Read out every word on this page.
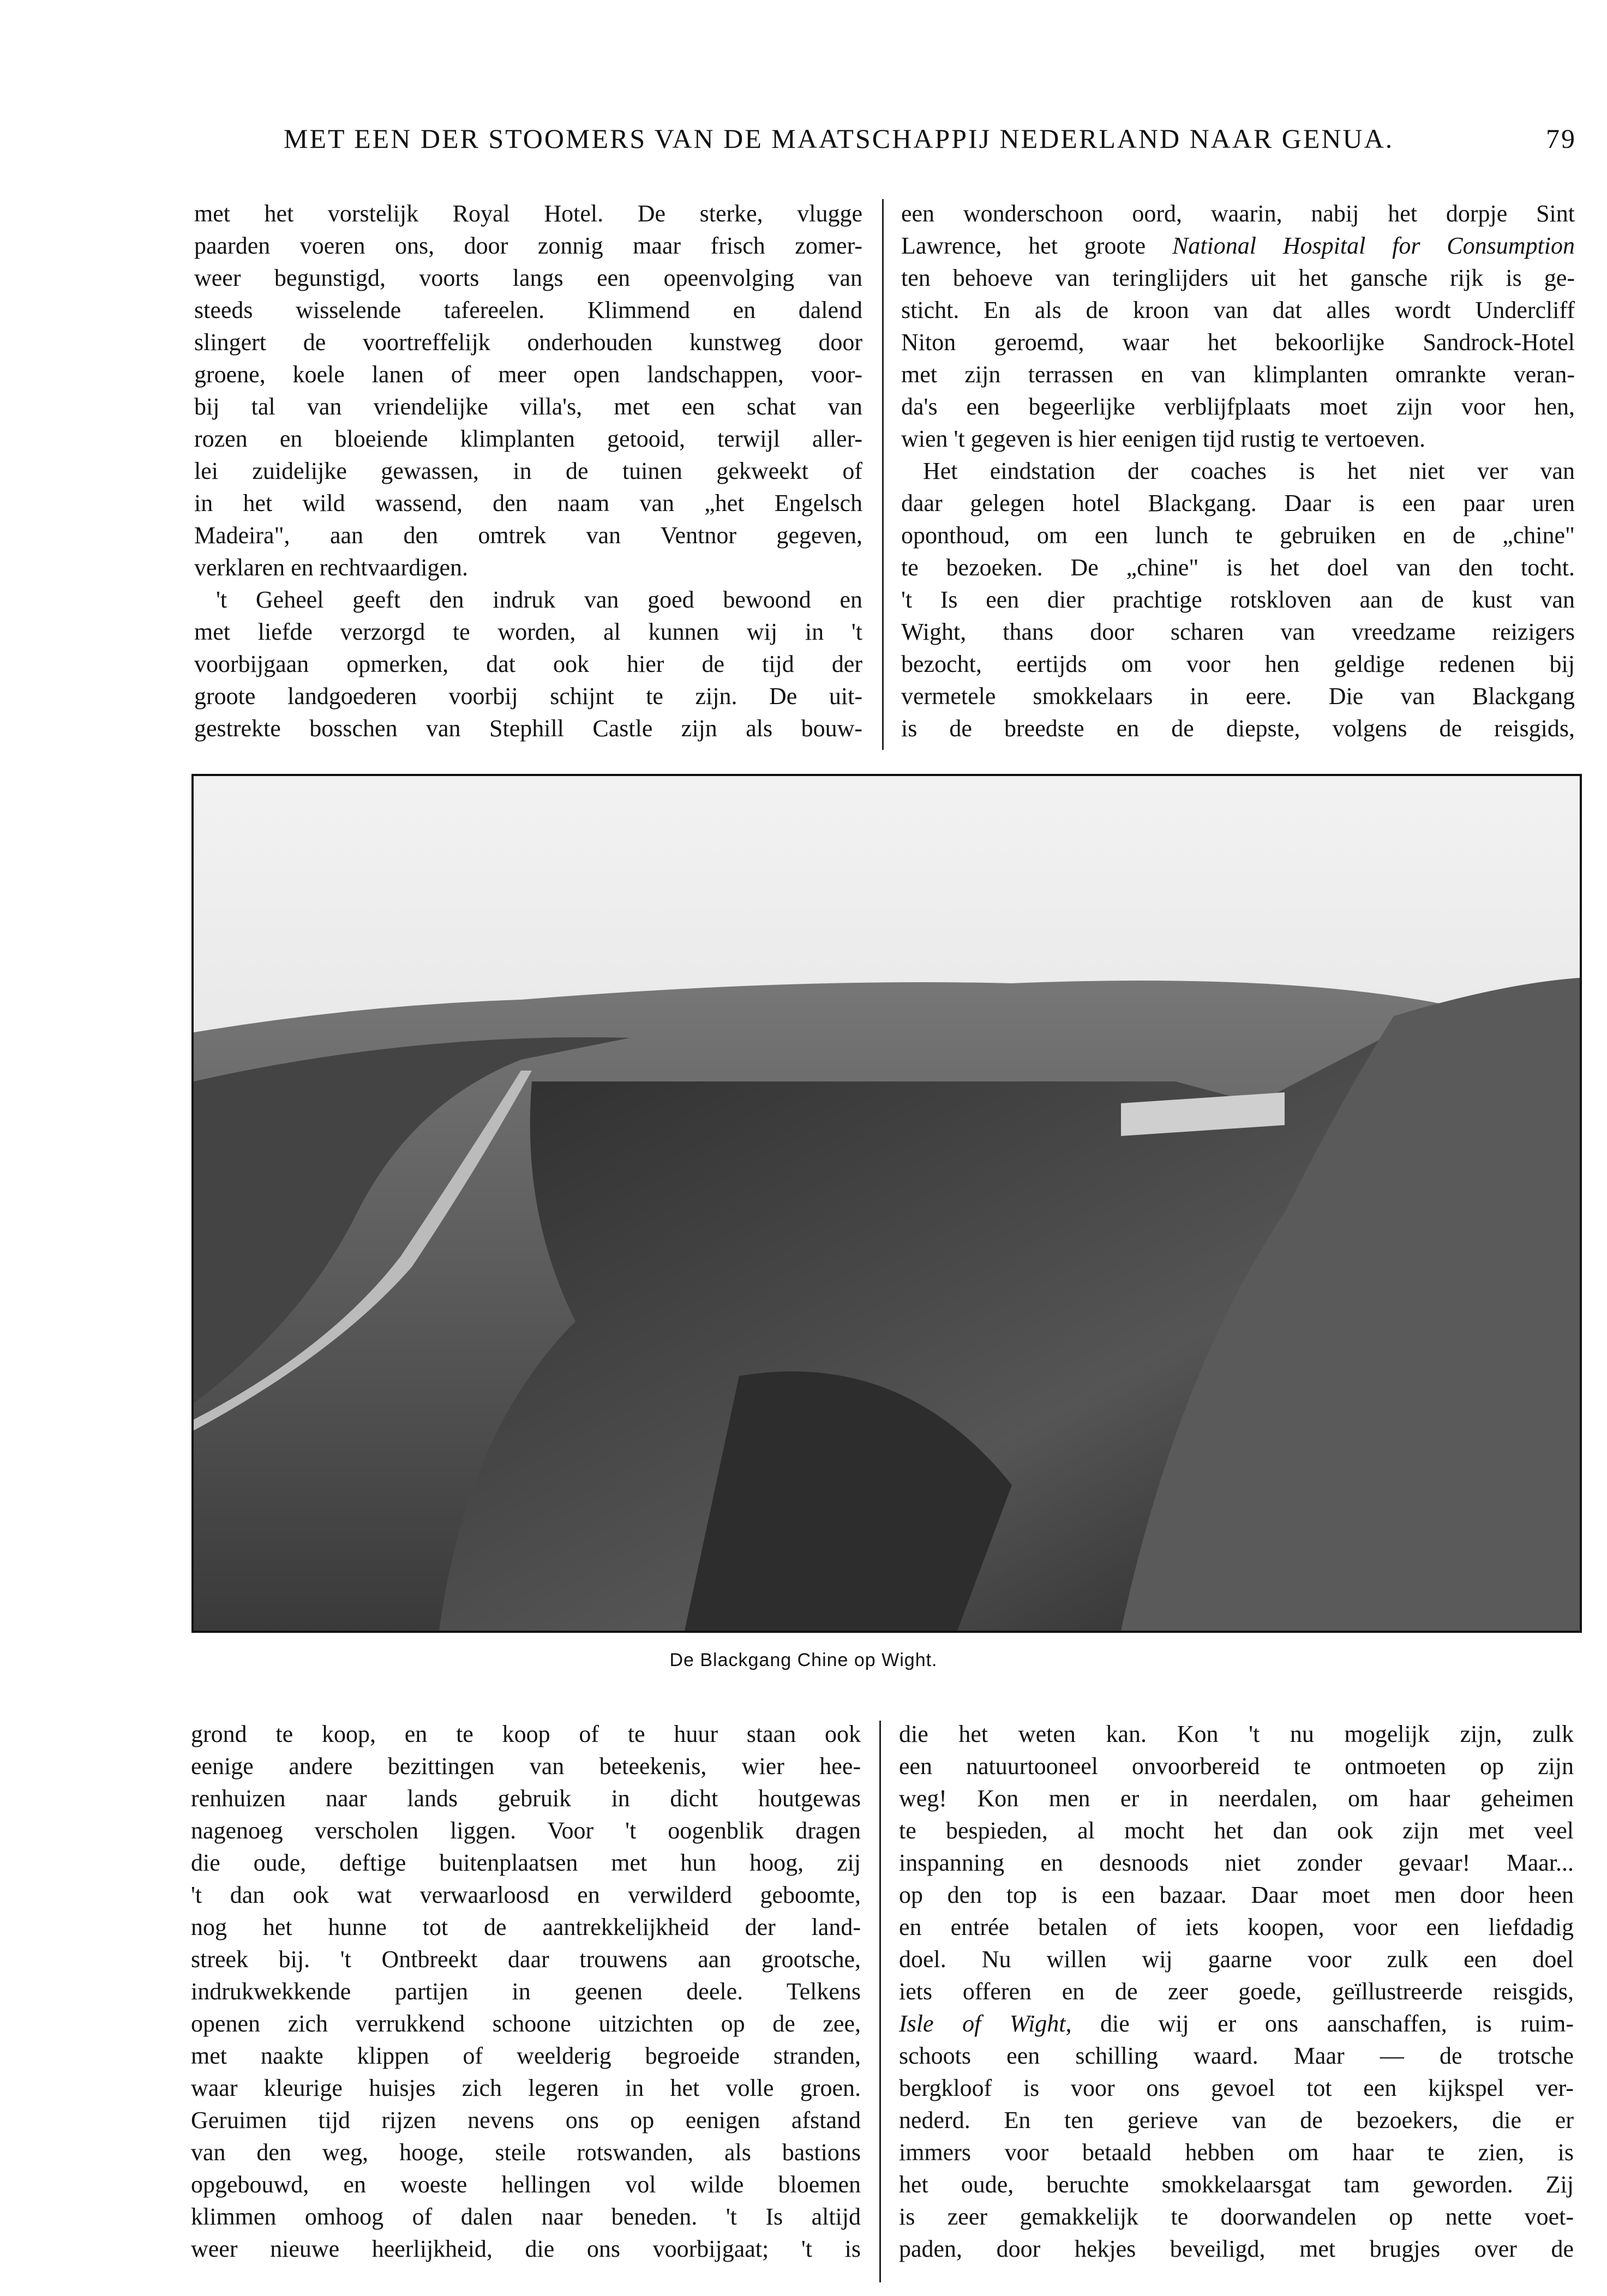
MET EEN DER STOOMERS VAN DE MAATSCHAPPIJ NEDERLAND NAAR GENUA.	79
met het vorstelijk Royal Hotel. De sterke, vlugge
paarden voeren ons, door zonnig maar frisch zomer-
weer begunstigd, voorts langs een opeenvolging van
steeds wisselende tafereelen. Klimmend en dalend
slingert de voortreffelijk onderhouden kunstweg door
groene, koele lanen of meer open landschappen, voor-
bij tal van vriendelijke villa's, met een schat van
rozen en bloeiende klimplanten getooid, terwijl aller-
lei zuidelijke gewassen, in de tuinen gekweekt of
in het wild wassend, den naam van „het Engelsch
Madeira", aan den omtrek van Ventnor gegeven,
verklaren en rechtvaardigen.
't Geheel geeft den indruk van goed bewoond en
met liefde verzorgd te worden, al kunnen wij in 't
voorbijgaan opmerken, dat ook hier de tijd der
groote landgoederen voorbij schijnt te zijn. De uit-
gestrekte bosschen van Stephill Castle zijn als bouw-
een wonderschoon oord, waarin, nabij het dorpje Sint
Lawrence, het groote National Hospital for Consumption
ten behoeve van teringlijders uit het gansche rijk is ge-
sticht. En als de kroon van dat alles wordt Undercliff
Niton geroemd, waar het bekoorlijke Sandrock-Hotel
met zijn terrassen en van klimplanten omrankte veran-
da's een begeerlijke verblijfplaats moet zijn voor hen,
wien 't gegeven is hier eenigen tijd rustig te vertoeven.
Het eindstation der coaches is het niet ver van
daar gelegen hotel Blackgang. Daar is een paar uren
oponthoud, om een lunch te gebruiken en de „chine"
te bezoeken. De „chine" is het doel van den tocht.
't Is een dier prachtige rotskloven aan de kust van
Wight, thans door scharen van vreedzame reizigers
bezocht, eertijds om voor hen geldige redenen bij
vermetele smokkelaars in eere. Die van Blackgang
is de breedste en de diepste, volgens de reisgids,
De Blackgang Chine op Wight.
grond te koop, en te koop of te huur staan ook
eenige andere bezittingen van beteekenis, wier hee-
renhuizen naar lands gebruik in dicht houtgewas
nagenoeg verscholen liggen. Voor 't oogenblik dragen
die oude, deftige buitenplaatsen met hun hoog, zij
't dan ook wat verwaarloosd en verwilderd geboomte,
nog het hunne tot de aantrekkelijkheid der land-
streek bij. 't Ontbreekt daar trouwens aan grootsche,
indrukwekkende partijen in geenen deele. Telkens
openen zich verrukkend schoone uitzichten op de zee,
met naakte klippen of weelderig begroeide stranden,
waar kleurige huisjes zich legeren in het volle groen.
Geruimen tijd rijzen nevens ons op eenigen afstand
van den weg, hooge, steile rotswanden, als bastions
opgebouwd, en woeste hellingen vol wilde bloemen
klimmen omhoog of dalen naar beneden. 't Is altijd
weer nieuwe heerlijkheid, die ons voorbijgaat; 't is
die het weten kan. Kon 't nu mogelijk zijn, zulk
een natuurtooneel onvoorbereid te ontmoeten op zijn
weg! Kon men er in neerdalen, om haar geheimen
te bespieden, al mocht het dan ook zijn met veel
inspanning en desnoods niet zonder gevaar! Maar...
op den top is een bazaar. Daar moet men door heen
en entrée betalen of iets koopen, voor een liefdadig
doel. Nu willen wij gaarne voor zulk een doel
iets offeren en de zeer goede, geïllustreerde reisgids,
Isle of Wight, die wij er ons aanschaffen, is ruim-
schoots een schilling waard. Maar — de trotsche
bergkloof is voor ons gevoel tot een kijkspel ver-
nederd. En ten gerieve van de bezoekers, die er
immers voor betaald hebben om haar te zien, is
het oude, beruchte smokkelaarsgat tam geworden. Zij
is zeer gemakkelijk te doorwandelen op nette voet-
paden, door hekjes beveiligd, met brugjes over de
